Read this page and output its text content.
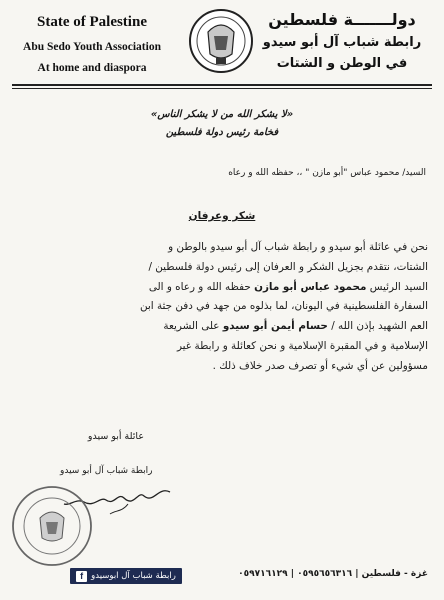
State of Palestine
Abu Sedo Youth Association
At home and diaspora
دولـــــــة فلسطين
رابطة شباب آل أبو سيدو
في الوطن و الشتات
«لا يشكر الله من لا يشكر الناس»
فخامة رئيس دولة فلسطين
السيد/ محمود عباس "أبو مازن " ،، حفظه الله و رعاه
شكر وعرفان
نحن في عائلة أبو سيدو و رابطة شباب آل أبو سيدو بالوطن و
الشتات، نتقدم بجزيل الشكر و العرفان إلى رئيس دولة فلسطين /
السيد الرئيس محمود عباس أبو مازن حفظه الله و رعاه و الى
السفارة الفلسطينية في اليونان، لما بذلوه من جهد في دفن جثة ابن
العم الشهيد بإذن الله / حسام أيمن أبو سيدو على الشريعة
الإسلامية و في المقبرة الإسلامية و نحن كعائلة و رابطة غير
مسؤولين عن أي شيء أو تصرف صدر خلاف ذلك .
عائلة أبو سيدو
رابطة شباب آل أبو سيدو
غزة - فلسطين | ٠٥٩٥٦٥٦٣١٦ | ٠٥٩٧١٦١٢٩
رابطة شباب آل ابوسيدو
f
